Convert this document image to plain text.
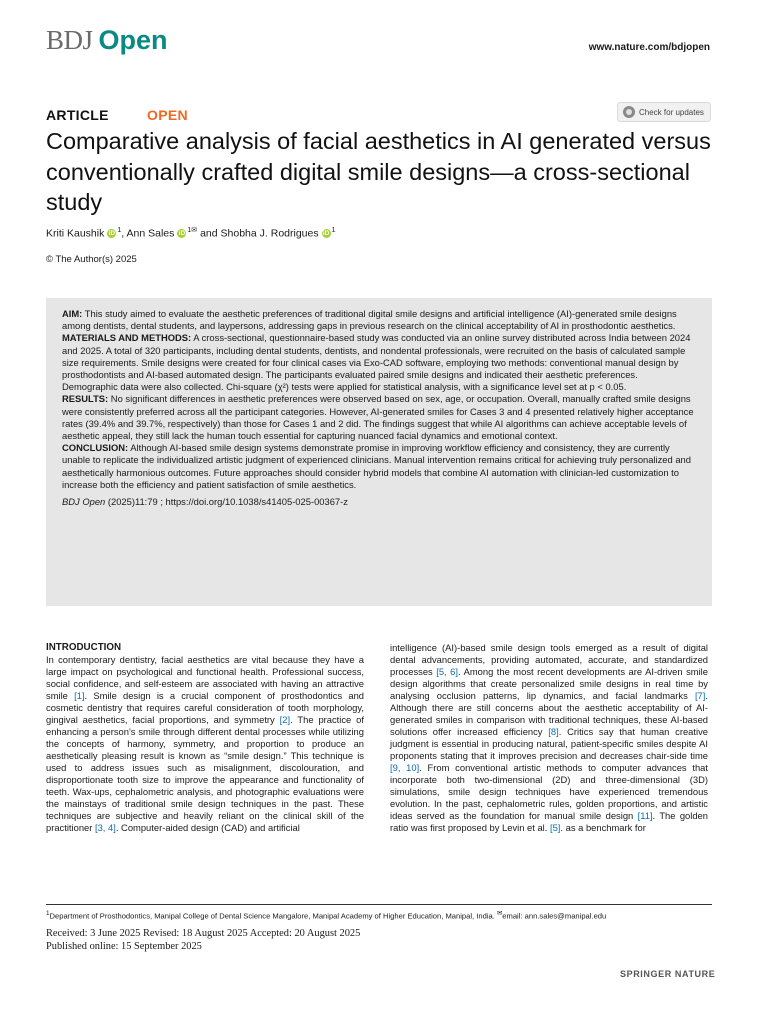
BDJ Open	www.nature.com/bdjopen
ARTICLE	OPEN	Check for updates
Comparative analysis of facial aesthetics in AI generated versus conventionally crafted digital smile designs—a cross-sectional study
Kriti Kaushik iD $^1$, Ann Sales iD $^{1✉}$ and Shobha J. Rodrigues iD $^1$
© The Author(s) 2025

AIM: This study aimed to evaluate the aesthetic preferences of traditional digital smile designs and artificial intelligence (AI)-generated smile designs among dentists, dental students, and laypersons, addressing gaps in previous research on the clinical acceptability of AI in prosthodontic aesthetics.

MATERIALS AND METHODS: A cross-sectional, questionnaire-based study was conducted via an online survey distributed across India between 2024 and 2025. A total of 320 participants, including dental students, dentists, and nondental professionals, were recruited on the basis of calculated sample size requirements. Smile designs were created for four clinical cases via Exo-CAD software, employing two methods: conventional manual design by prosthodontists and AI-based automated design. The participants evaluated paired smile designs and indicated their aesthetic preferences. Demographic data were also collected. Chi-square (χ²) tests were applied for statistical analysis, with a significance level set at p < 0.05.

RESULTS: No significant differences in aesthetic preferences were observed based on sex, age, or occupation. Overall, manually crafted smile designs were consistently preferred across all the participant categories. However, AI-generated smiles for Cases 3 and 4 presented relatively higher acceptance rates (39.4% and 39.7%, respectively) than those for Cases 1 and 2 did. The findings suggest that while AI algorithms can achieve acceptable levels of aesthetic appeal, they still lack the human touch essential for capturing nuanced facial dynamics and emotional context.

CONCLUSION: Although AI-based smile design systems demonstrate promise in improving workflow efficiency and consistency, they are currently unable to replicate the individualized artistic judgment of experienced clinicians. Manual intervention remains critical for achieving truly personalized and aesthetically harmonious outcomes. Future approaches should consider hybrid models that combine AI automation with clinician-led customization to increase both the efficiency and patient satisfaction of smile aesthetics.

BDJ Open (2025)11:79 ; https://doi.org/10.1038/s41405-025-00367-z

INTRODUCTION

In contemporary dentistry, facial aesthetics are vital because they have a large impact on psychological and functional health. Professional success, social confidence, and self-esteem are associated with having an attractive smile [1]. Smile design is a crucial component of prosthodontics and cosmetic dentistry that requires careful consideration of tooth morphology, gingival aesthetics, facial proportions, and symmetry [2]. The practice of enhancing a person's smile through different dental processes while utilizing the concepts of harmony, symmetry, and proportion to produce an aesthetically pleasing result is known as “smile design.” This technique is used to address issues such as misalignment, discolouration, and disproportionate tooth size to improve the appearance and functionality of teeth. Wax-ups, cephalometric analysis, and photographic evaluations were the mainstays of traditional smile design techniques in the past. These techniques are subjective and heavily reliant on the clinical skill of the practitioner [3, 4]. Computer-aided design (CAD) and artificial

intelligence (AI)-based smile design tools emerged as a result of digital dental advancements, providing automated, accurate, and standardized processes [5, 6]. Among the most recent developments are AI-driven smile design algorithms that create personalized smile designs in real time by analysing occlusion patterns, lip dynamics, and facial landmarks [7]. Although there are still concerns about the aesthetic acceptability of AI-generated smiles in comparison with traditional techniques, these AI-based solutions offer increased efficiency [8]. Critics say that human creative judgment is essential in producing natural, patient-specific smiles despite AI proponents stating that it improves precision and decreases chair-side time [9, 10]. From conventional artistic methods to computer advances that incorporate both two-dimensional (2D) and three-dimensional (3D) simulations, smile design techniques have experienced tremendous evolution. In the past, cephalometric rules, golden proportions, and artistic ideas served as the foundation for manual smile design [11]. The golden ratio was first proposed by Levin et al. [5]. as a benchmark for

$^1$Department of Prosthodontics, Manipal College of Dental Science Mangalore, Manipal Academy of Higher Education, Manipal, India. ✉email: ann.sales@manipal.edu
Received: 3 June 2025 Revised: 18 August 2025 Accepted: 20 August 2025
Published online: 15 September 2025
SPRINGER NATURE
